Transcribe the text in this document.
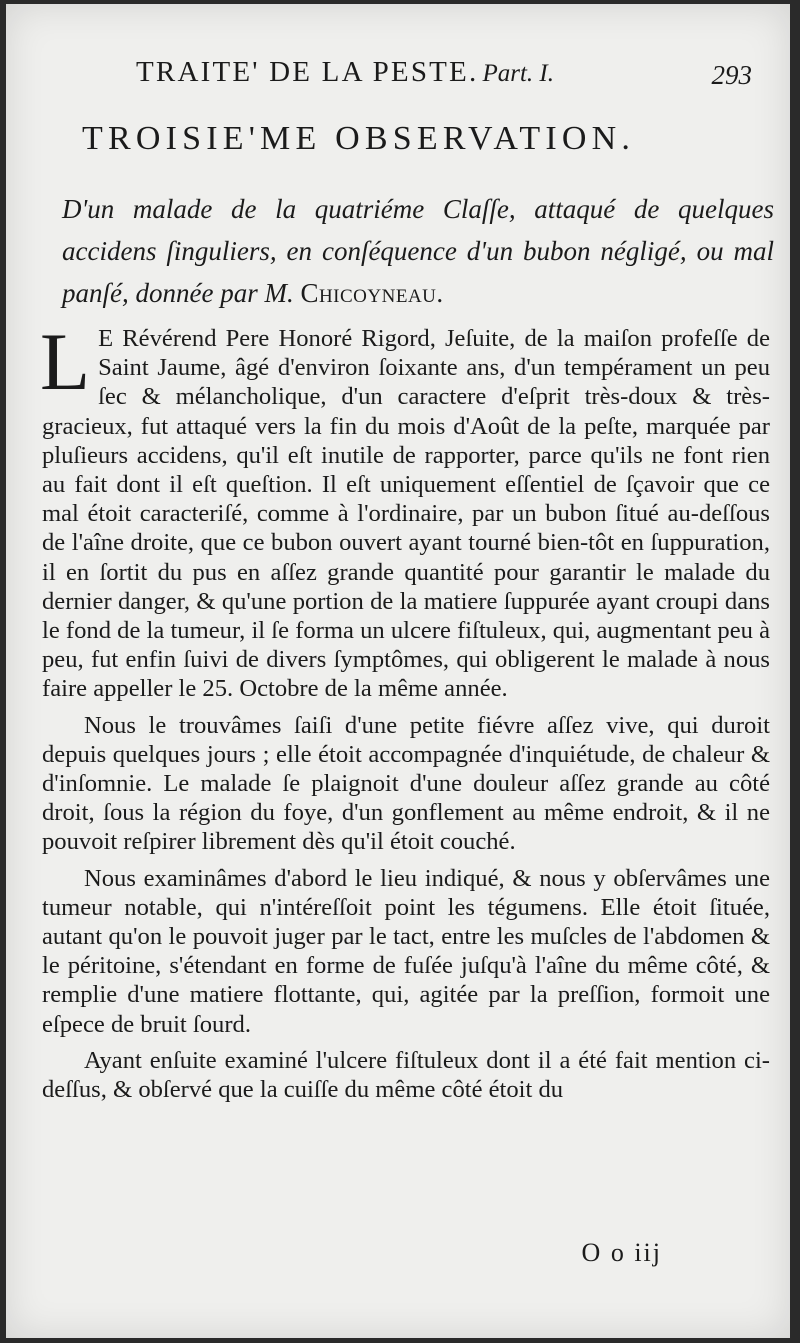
TRAITE' DE LA PESTE. Part. I.	293
TROISIE'ME OBSERVATION.
D'un malade de la quatriéme Claſſe, attaqué de quelques accidens ſinguliers, en conſéquence d'un bubon négligé, ou mal panſé, donnée par M. Chicoyneau.

L E Révérend Pere Honoré Rigord, Jeſuite, de la maiſon profeſſe de Saint Jaume, âgé d'environ ſoixante ans, d'un tempérament un peu ſec & mélancholique, d'un caractere d'eſprit très-doux & très-gracieux, fut attaqué vers la fin du mois d'Août de la peſte, marquée par pluſieurs accidens, qu'il eſt inutile de rapporter, parce qu'ils ne font rien au fait dont il eſt queſtion. Il eſt uniquement eſſentiel de ſçavoir que ce mal étoit caracteriſé, comme à l'ordinaire, par un bubon ſitué au-deſſous de l'aîne droite, que ce bubon ouvert ayant tourné bien-tôt en ſuppuration, il en ſortit du pus en aſſez grande quantité pour garantir le malade du dernier danger, & qu'une portion de la matiere ſuppurée ayant croupi dans le fond de la tumeur, il ſe forma un ulcere fiſtuleux, qui, augmentant peu à peu, fut enfin ſuivi de divers ſymptômes, qui obligerent le malade à nous faire appeller le 25. Octobre de la même année.

Nous le trouvâmes ſaiſi d'une petite fiévre aſſez vive, qui duroit depuis quelques jours ; elle étoit accompagnée d'inquiétude, de chaleur & d'inſomnie. Le malade ſe plaignoit d'une douleur aſſez grande au côté droit, ſous la région du foye, d'un gonflement au même endroit, & il ne pouvoit reſpirer librement dès qu'il étoit couché.

Nous examinâmes d'abord le lieu indiqué, & nous y obſervâmes une tumeur notable, qui n'intéreſſoit point les tégumens. Elle étoit ſituée, autant qu'on le pouvoit juger par le tact, entre les muſcles de l'abdomen & le péritoine, s'étendant en forme de fuſée juſqu'à l'aîne du même côté, & remplie d'une matiere flottante, qui, agitée par la preſſion, formoit une eſpece de bruit ſourd.

Ayant enſuite examiné l'ulcere fiſtuleux dont il a été fait mention ci-deſſus, & obſervé que la cuiſſe du même côté étoit du

O o iij
